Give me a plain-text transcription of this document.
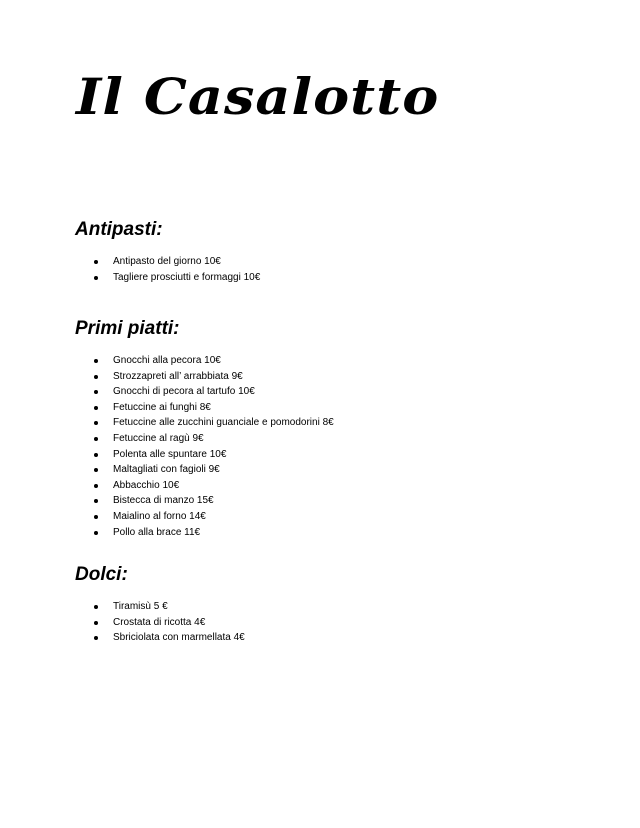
Il Casalotto
Antipasti:
Antipasto del giorno 10€
Tagliere prosciutti e formaggi 10€
Primi piatti:
Gnocchi alla pecora 10€
Strozzapreti all’ arrabbiata 9€
Gnocchi di pecora al tartufo 10€
Fetuccine ai funghi 8€
Fetuccine alle zucchini guanciale e pomodorini 8€
Fetuccine al ragù 9€
Polenta alle spuntare 10€
Maltagliati con fagioli 9€
Abbacchio 10€
Bistecca di manzo 15€
Maialino al forno 14€
Pollo alla brace 11€
Dolci:
Tiramisù 5 €
Crostata di ricotta 4€
Sbriciolata con marmellata 4€
